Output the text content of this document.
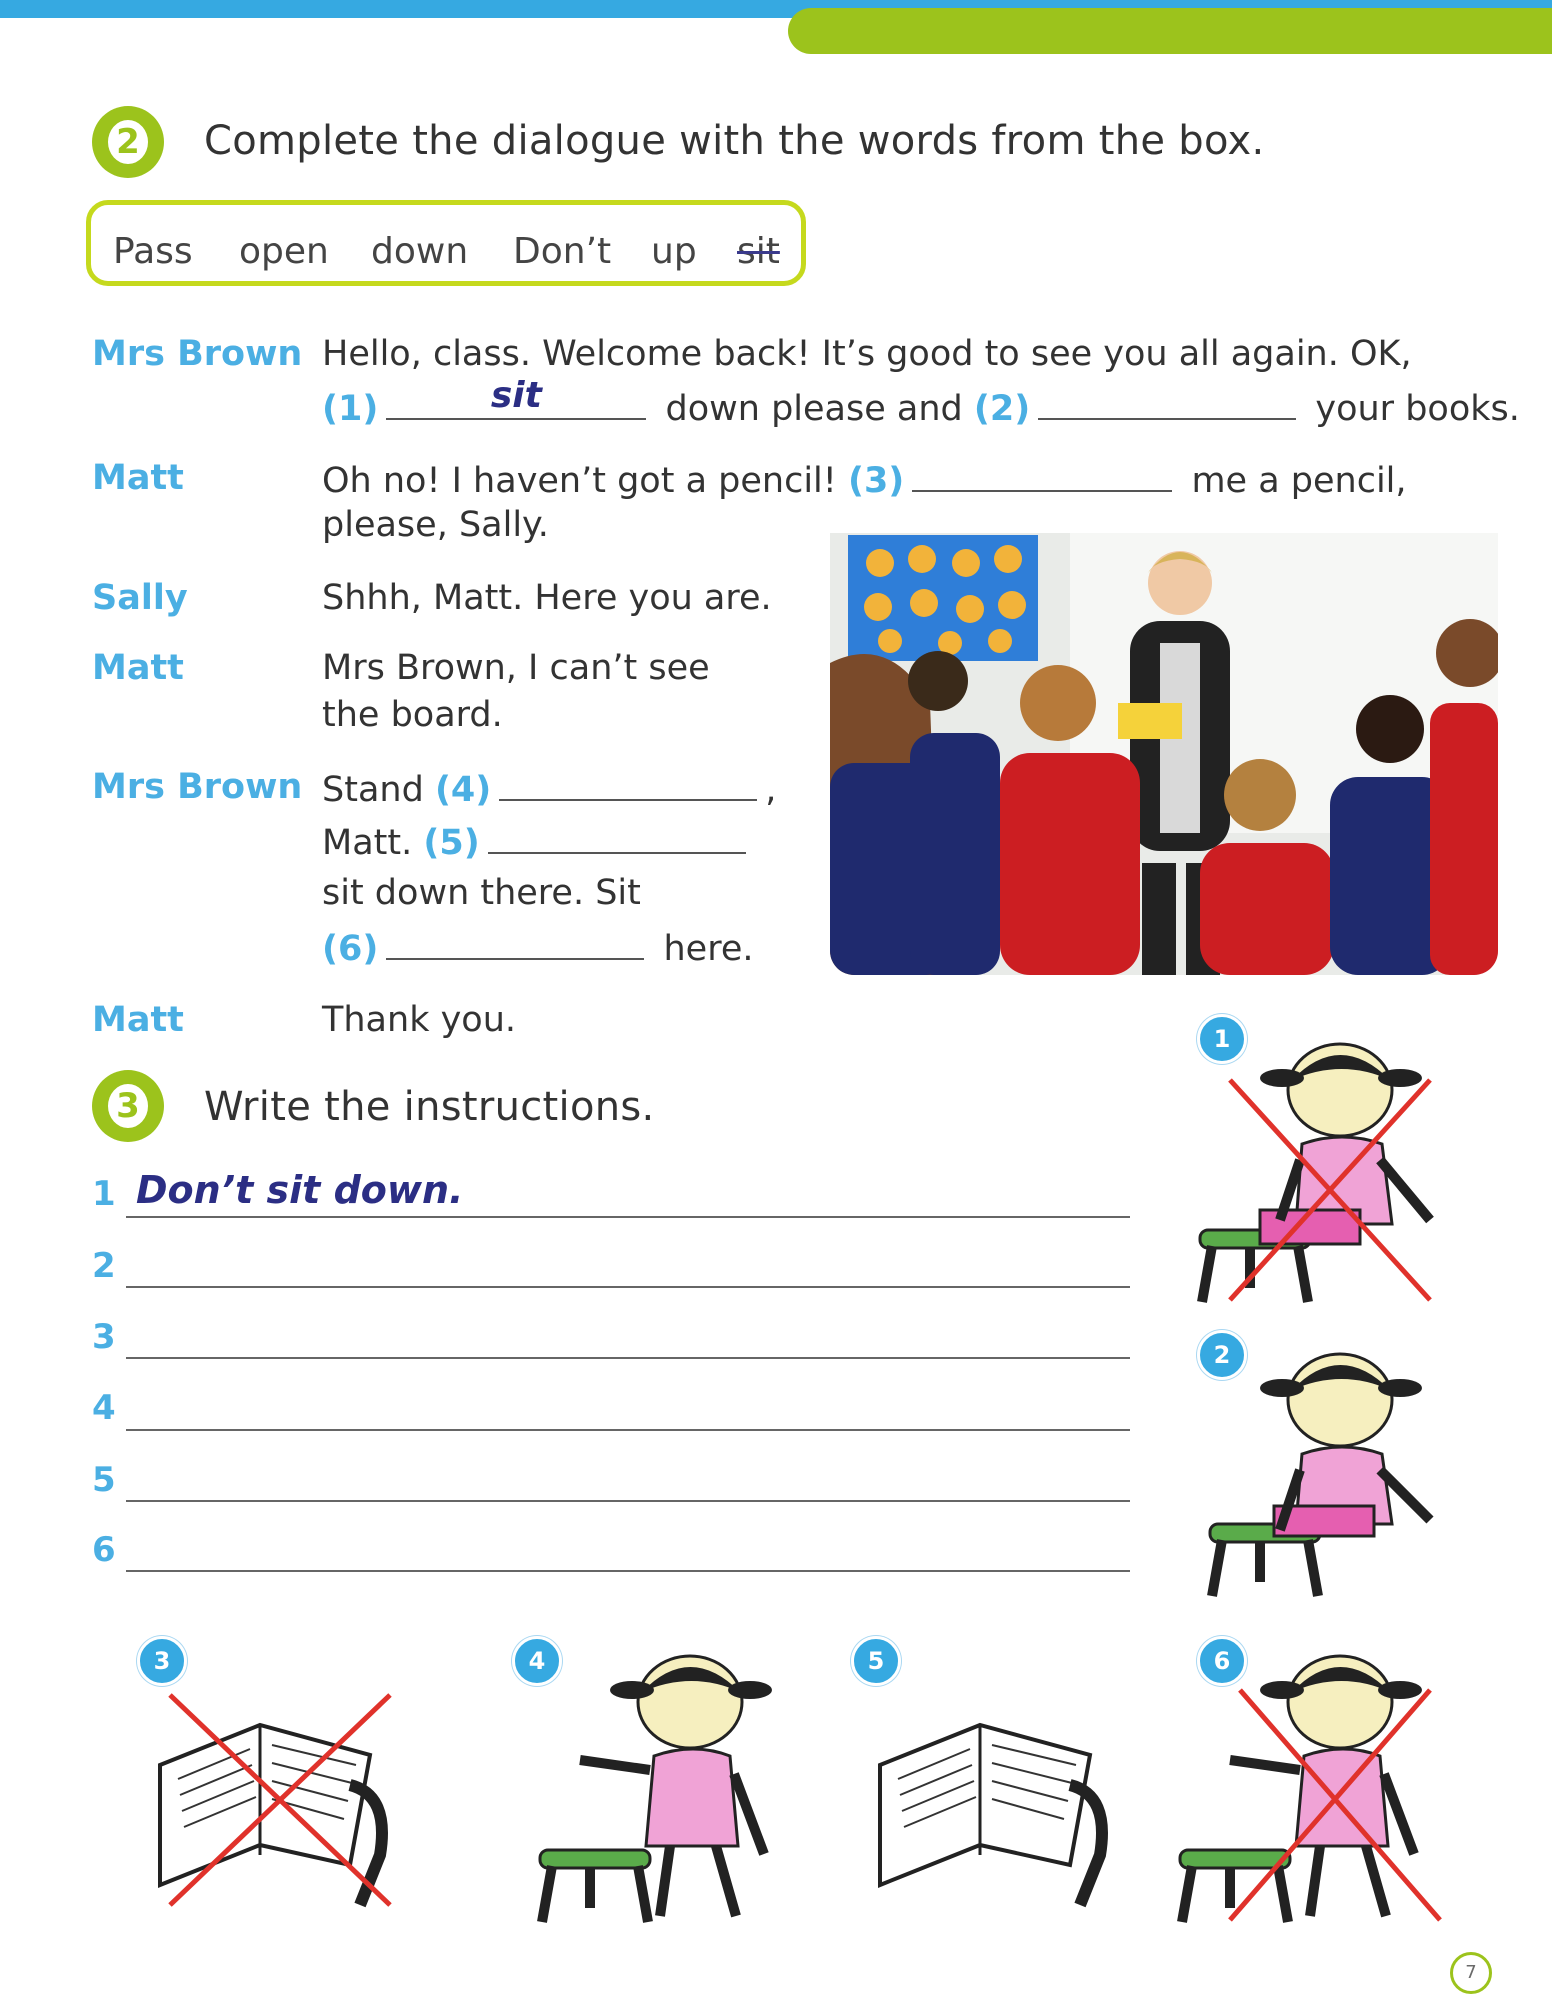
2 Complete the dialogue with the words from the box.
Pass open down Don’t up sit
Mrs Brown Hello, class. Welcome back! It’s good to see you all again. OK,
(1)	sit	down please and (2)	your books.
Matt	Oh no! I haven’t got a pencil! (3)	me a pencil,
please, Sally.
Sally	Shhh, Matt. Here you are.
Matt	Mrs Brown, I can’t see
the board.
Mrs Brown Stand (4)	,
Matt. (5)
sit down there. Sit
(6)	here.
Matt	Thank you.
3 Write the instructions.
1 Don’t sit down.
2
3
4
5
6
1
2
3	4	5	6
7
